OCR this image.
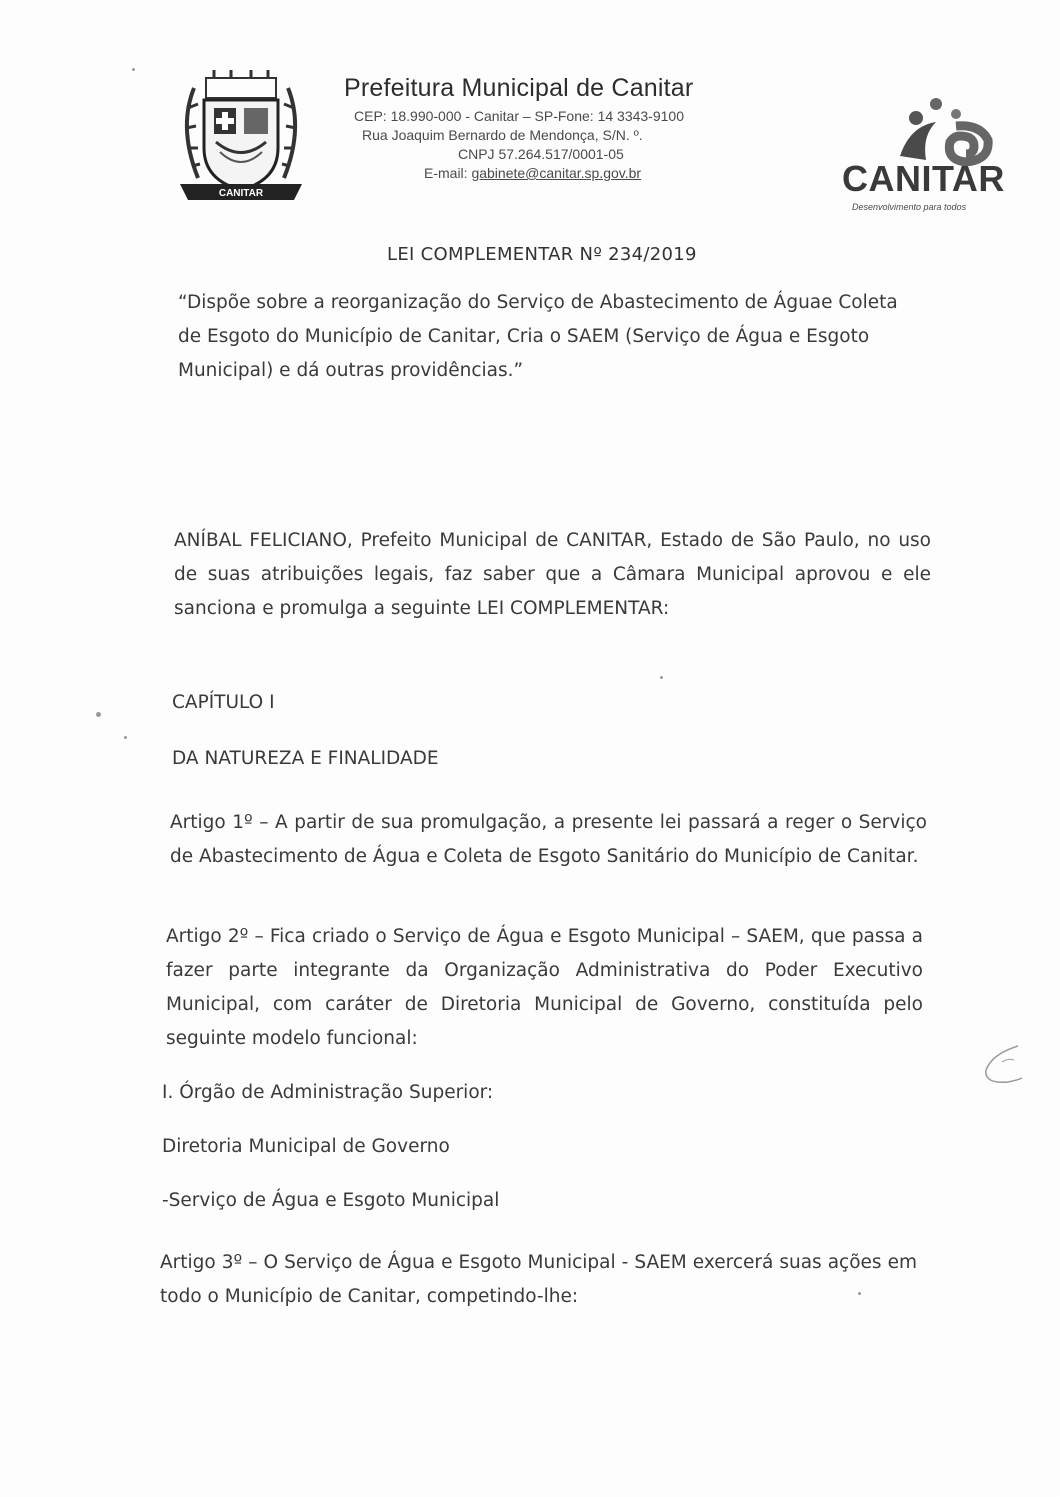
CANITAR
Prefeitura Municipal de Canitar
CEP: 18.990-000 - Canitar – SP-Fone: 14 3343-9100
Rua Joaquim Bernardo de Mendonça, S/N. º.
CNPJ 57.264.517/0001-05
E-mail: gabinete@canitar.sp.gov.br	CANITAR
Desenvolvimento para todos
LEI COMPLEMENTAR Nº 234/2019
“Dispõe sobre a reorganização do Serviço de Abastecimento de Águae Coleta de Esgoto do Município de Canitar, Cria o SAEM (Serviço de Água e Esgoto Municipal) e dá outras providências.”
ANÍBAL FELICIANO, Prefeito Municipal de CANITAR, Estado de São Paulo, no uso de suas atribuições legais, faz saber que a Câmara Municipal aprovou e ele sanciona e promulga a seguinte LEI COMPLEMENTAR:
CAPÍTULO I
DA NATUREZA E FINALIDADE
Artigo 1º – A partir de sua promulgação, a presente lei passará a reger o Serviço de Abastecimento de Água e Coleta de Esgoto Sanitário do Município de Canitar.
Artigo 2º – Fica criado o Serviço de Água e Esgoto Municipal – SAEM, que passa a fazer parte integrante da Organização Administrativa do Poder Executivo Municipal, com caráter de Diretoria Municipal de Governo, constituída pelo seguinte modelo funcional:
I. Órgão de Administração Superior:
Diretoria Municipal de Governo
-Serviço de Água e Esgoto Municipal
Artigo 3º – O Serviço de Água e Esgoto Municipal - SAEM exercerá suas ações em todo o Município de Canitar, competindo-lhe:
